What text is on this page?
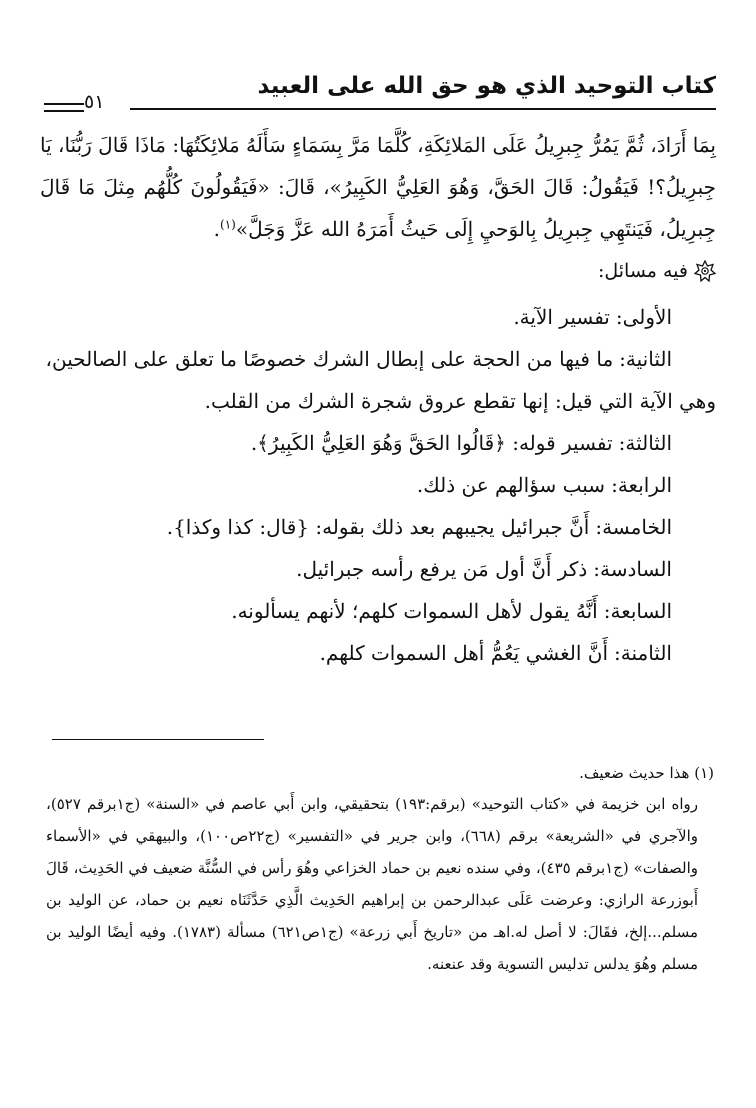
كتاب التوحيد الذي هو حق الله على العبيد
٥١

بِمَا أَرَادَ، ثُمَّ يَمُرُّ جِبرِيلُ عَلَى المَلائِكَةِ، كُلَّمَا مَرَّ بِسَمَاءٍ سَأَلَهُ مَلائِكَتُهَا: مَاذَا قَالَ رَبُّنَا، يَا جِبرِيلُ؟! فَيَقُولُ: قَالَ الحَقَّ، وَهُوَ العَلِيُّ الكَبِيرُ»، قَالَ: «فَيَقُولُونَ كُلُّهُم مِثلَ مَا قَالَ جِبرِيلُ، فَيَنتَهِي جِبرِيلُ بِالوَحيِ إِلَى حَيثُ أَمَرَهُ الله عَزَّ وَجَلَّ»$^{(١)}$.

فيه مسائل:

الأولى:تفسير الآية.

الثانية:ما فيها من الحجة على إبطال الشرك خصوصًا ما تعلق على الصالحين،

وهي الآية التي قيل: إنها تقطع عروق شجرة الشرك من القلب.

الثالثة:تفسير قوله: ﴿قَالُوا الحَقَّ وَهُوَ العَلِيُّ الكَبِيرُ﴾.

الرابعة:سبب سؤالهم عن ذلك.

الخامسة:أَنَّ جبرائيل يجيبهم بعد ذلك بقوله: {قال: كذا وكذا}.

السادسة:ذكر أَنَّ أول مَن يرفع رأسه جبرائيل.

السابعة:أَنَّهُ يقول لأهل السموات كلهم؛ لأنهم يسألونه.

الثامنة:أَنَّ الغشي يَعُمُّ أهل السموات كلهم.

(١) هذا حديث ضعيف.

رواه ابن خزيمة في «كتاب التوحيد» (برقم:١٩٣) بتحقيقي، وابن أَبي عاصم في «السنة» (ج١برقم ٥٢٧)، والآجري في «الشريعة» برقم (٦٦٨)، وابن جرير في «التفسير» (ج٢٢ص١٠٠)، والبيهقي في «الأسماء والصفات» (ج١برقم ٤٣٥)، وفي سنده نعيم بن حماد الخزاعي وهُوَ رأس في السُّنَّة ضعيف في الحَدِيث، قَالَ أَبوزرعة الرازي: وعرضت عَلَى عبدالرحمن بن إبراهيم الحَدِيث الَّذِي حَدَّثَنَاه نعيم بن حماد، عن الوليد بن مسلم...إلخ، فقَالَ: لا أصل له.اهـ من «تاريخ أَبي زرعة» (ج١ص٦٢١) مسألة (١٧٨٣). وفيه أيضًا الوليد بن مسلم وهُوَ يدلس تدليس التسوية وقد عنعنه.
